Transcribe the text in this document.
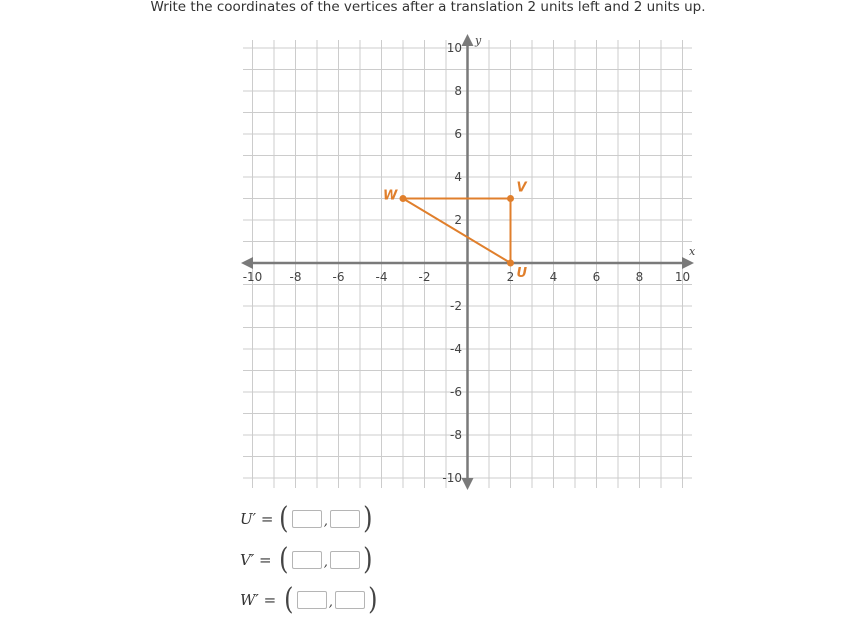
Write the coordinates of the vertices after a translation 2 units left and 2 units up.
x
y
-10 -8	-6	-4	-2	2	4	6	8	10
10
8
6
4
2
-2
-4
-6
-8
-10
U
V
W
U′ = (	, )
V′ = (	, )
W′ = (	, )
